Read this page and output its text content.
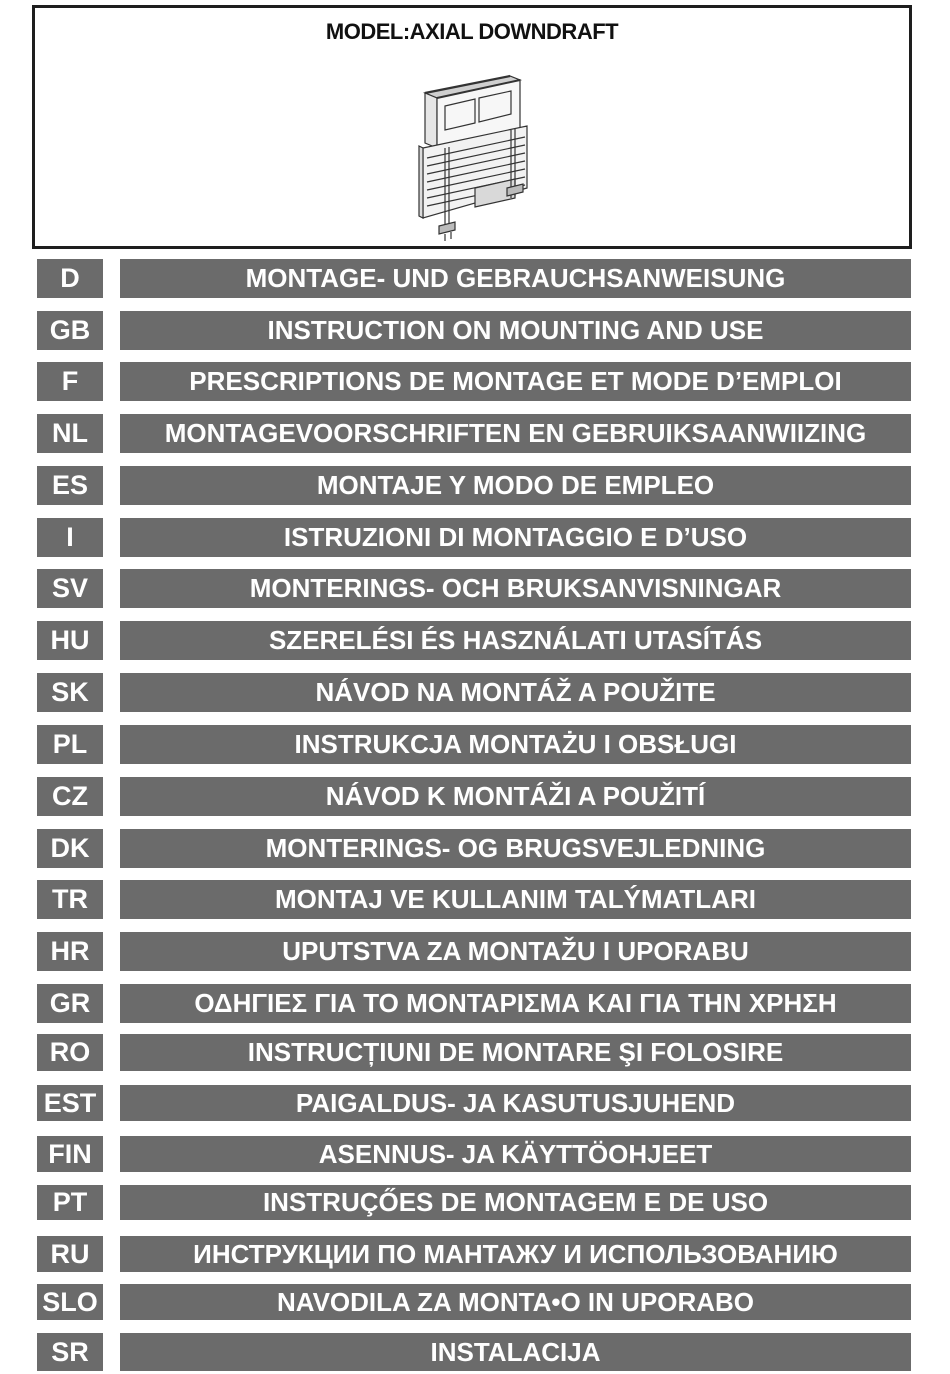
MODEL:AXIAL DOWNDRAFT
D	MONTAGE- UND GEBRAUCHSANWEISUNG
GB	INSTRUCTION ON MOUNTING AND USE
F	PRESCRIPTIONS DE MONTAGE ET MODE D’EMPLOI
NL	MONTAGEVOORSCHRIFTEN EN GEBRUIKSAANWIIZING
ES	MONTAJE Y MODO DE EMPLEO
I	ISTRUZIONI DI MONTAGGIO E D’USO
SV	MONTERINGS- OCH BRUKSANVISNINGAR
HU	SZERELÉSI ÉS HASZNÁLATI UTASÍTÁS
SK	NÁVOD NA MONTÁŽ A POUŽITE
PL	INSTRUKCJA MONTAŻU I OBSŁUGI
CZ	NÁVOD K MONTÁŽI A POUŽITÍ
DK	MONTERINGS- OG BRUGSVEJLEDNING
TR	MONTAJ VE KULLANIM TALÝMATLARI
HR	UPUTSTVA ZA MONTAŽU I UPORABU
GR	ΟΔΗΓΙΕΣ ΓΙΑ ΤΟ ΜΟΝΤΑΡΙΣΜΑ ΚΑΙ ΓΙΑ ΤΗΝ ΧΡΗΣΗ
RO	INSTRUCȚIUNI DE MONTARE ŞI FOLOSIRE
EST	PAIGALDUS- JA KASUTUSJUHEND
FIN	ASENNUS- JA KÄYTTÖOHJEET
PT	INSTRUÇŐES DE MONTAGEM E DE USO
RU	ИНСТРУКЦИИ ПО МАНТАЖУ И ИСПОЛЬЗОВАНИЮ
SLO	NAVODILA ZA MONTA•O IN UPORABO
SR	INSTALACIJA
